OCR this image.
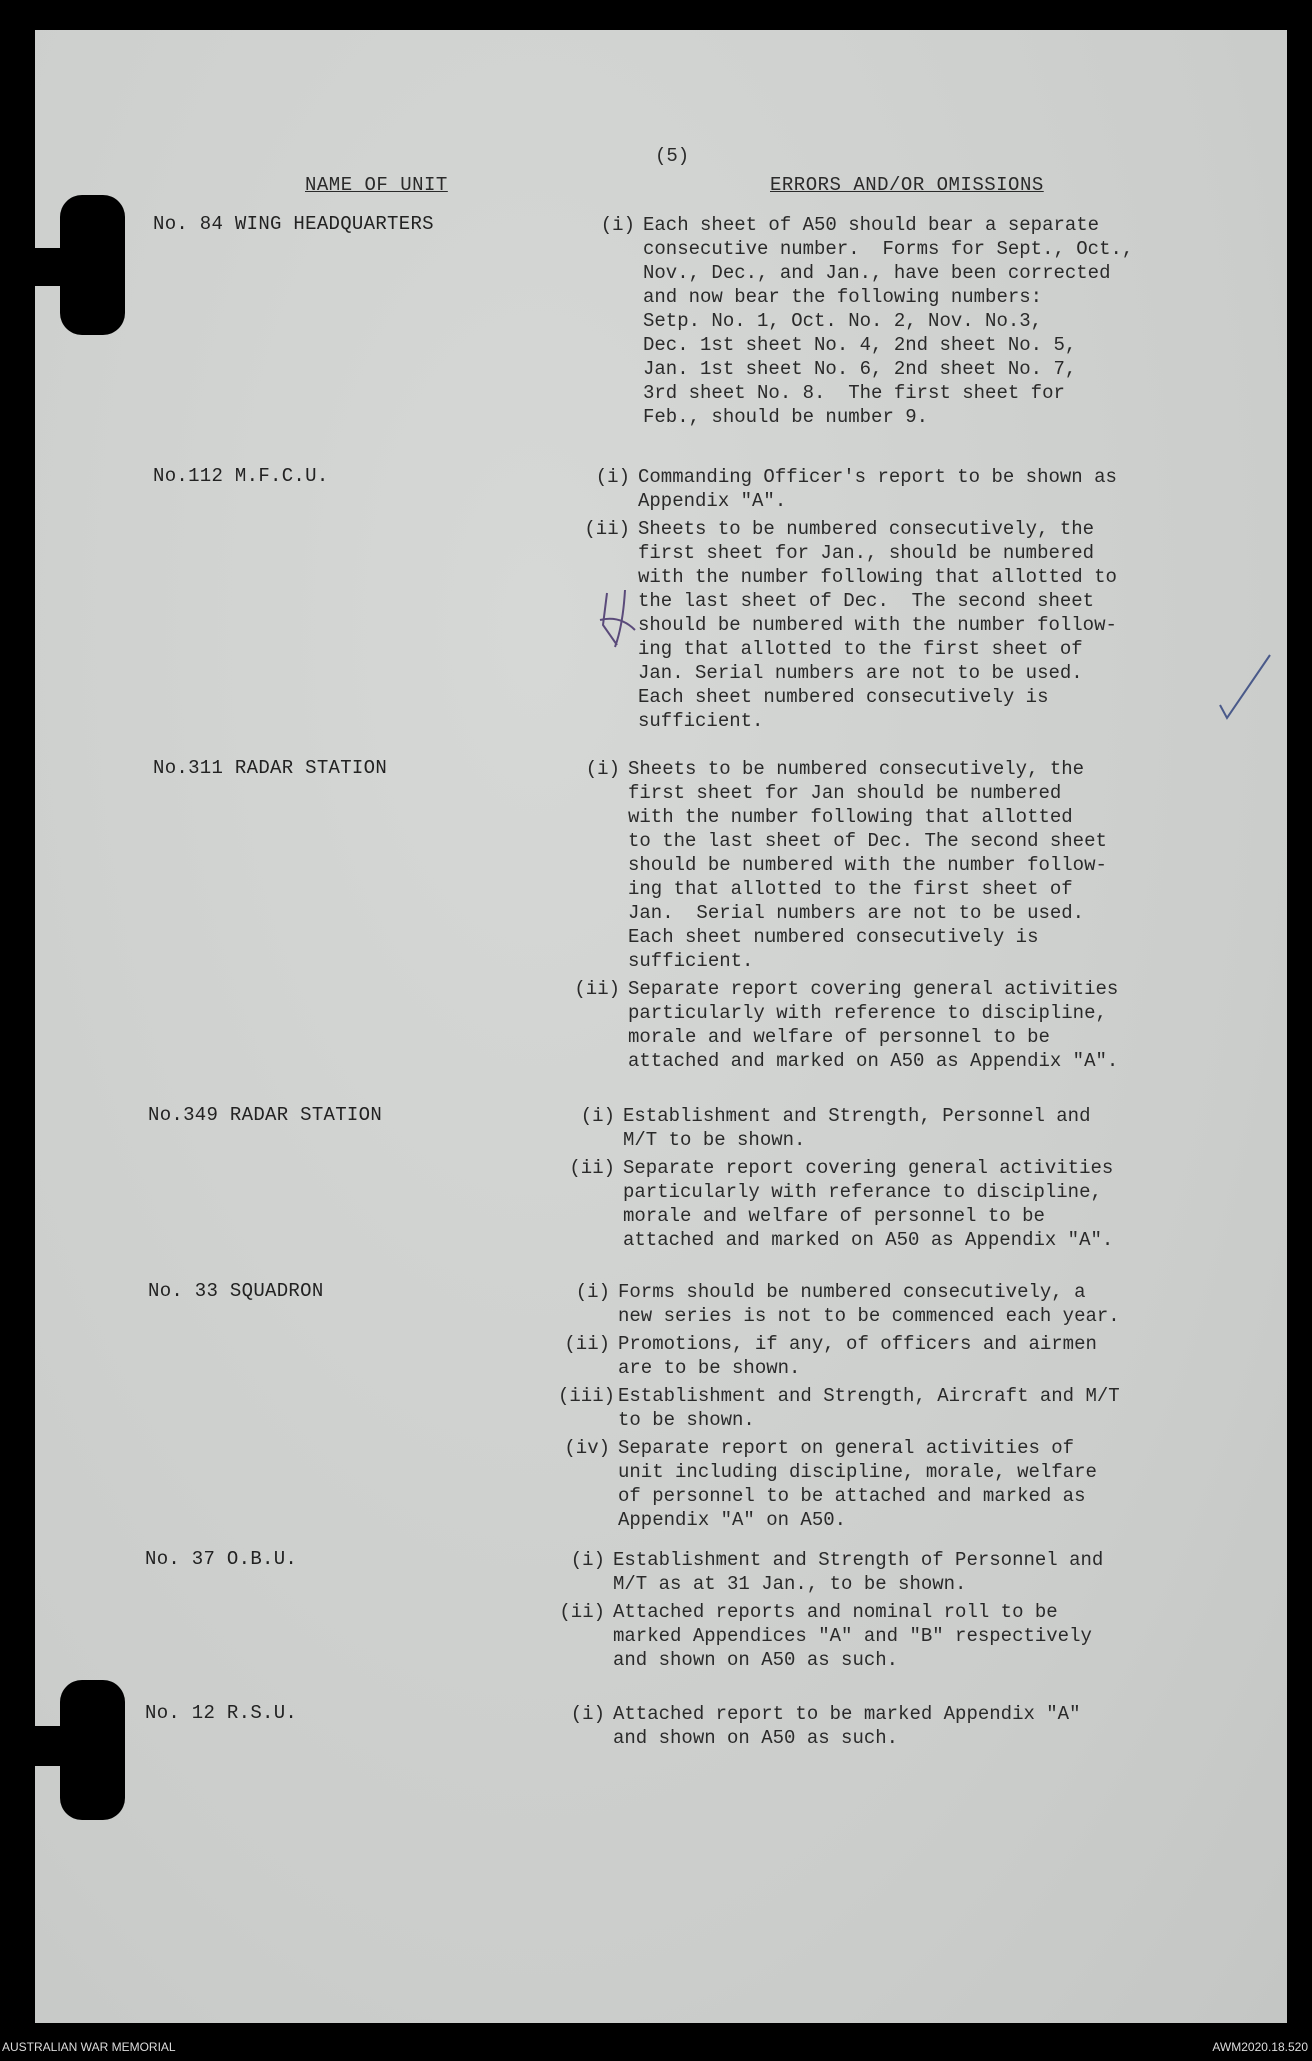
(5)
NAME OF UNIT	ERRORS AND/OR OMISSIONS
No. 84 WING HEADQUARTERS	(i) Each sheet of A50 should bear a separate
consecutive number.  Forms for Sept., Oct.,
Nov., Dec., and Jan., have been corrected
and now bear the following numbers:
Setp. No. 1, Oct. No. 2, Nov. No.3,
Dec. 1st sheet No. 4, 2nd sheet No. 5,
Jan. 1st sheet No. 6, 2nd sheet No. 7,
3rd sheet No. 8.  The first sheet for
Feb., should be number 9.
No.112 M.F.C.U.	(i) Commanding Officer's report to be shown as
Appendix "A".
(ii) Sheets to be numbered consecutively, the
first sheet for Jan., should be numbered
with the number following that allotted to
the last sheet of Dec.  The second sheet
should be numbered with the number follow-
ing that allotted to the first sheet of
Jan. Serial numbers are not to be used.
Each sheet numbered consecutively is
sufficient.
No.311 RADAR STATION	(i) Sheets to be numbered consecutively, the
first sheet for Jan should be numbered
with the number following that allotted
to the last sheet of Dec. The second sheet
should be numbered with the number follow-
ing that allotted to the first sheet of
Jan.  Serial numbers are not to be used.
Each sheet numbered consecutively is
sufficient.
(ii) Separate report covering general activities
particularly with reference to discipline,
morale and welfare of personnel to be
attached and marked on A50 as Appendix "A".
No.349 RADAR STATION	(i) Establishment and Strength, Personnel and
M/T to be shown.
(ii) Separate report covering general activities
particularly with referance to discipline,
morale and welfare of personnel to be
attached and marked on A50 as Appendix "A".
No. 33 SQUADRON	(i) Forms should be numbered consecutively, a
new series is not to be commenced each year.
(ii) Promotions, if any, of officers and airmen
are to be shown.
(iii) Establishment and Strength, Aircraft and M/T
to be shown.
(iv) Separate report on general activities of
unit including discipline, morale, welfare
of personnel to be attached and marked as
Appendix "A" on A50.
No. 37 O.B.U.	(i) Establishment and Strength of Personnel and
M/T as at 31 Jan., to be shown.
(ii) Attached reports and nominal roll to be
marked Appendices "A" and "B" respectively
and shown on A50 as such.
No. 12 R.S.U.	(i) Attached report to be marked Appendix "A"
and shown on A50 as such.
AUSTRALIAN WAR MEMORIAL	AWM2020.18.520
